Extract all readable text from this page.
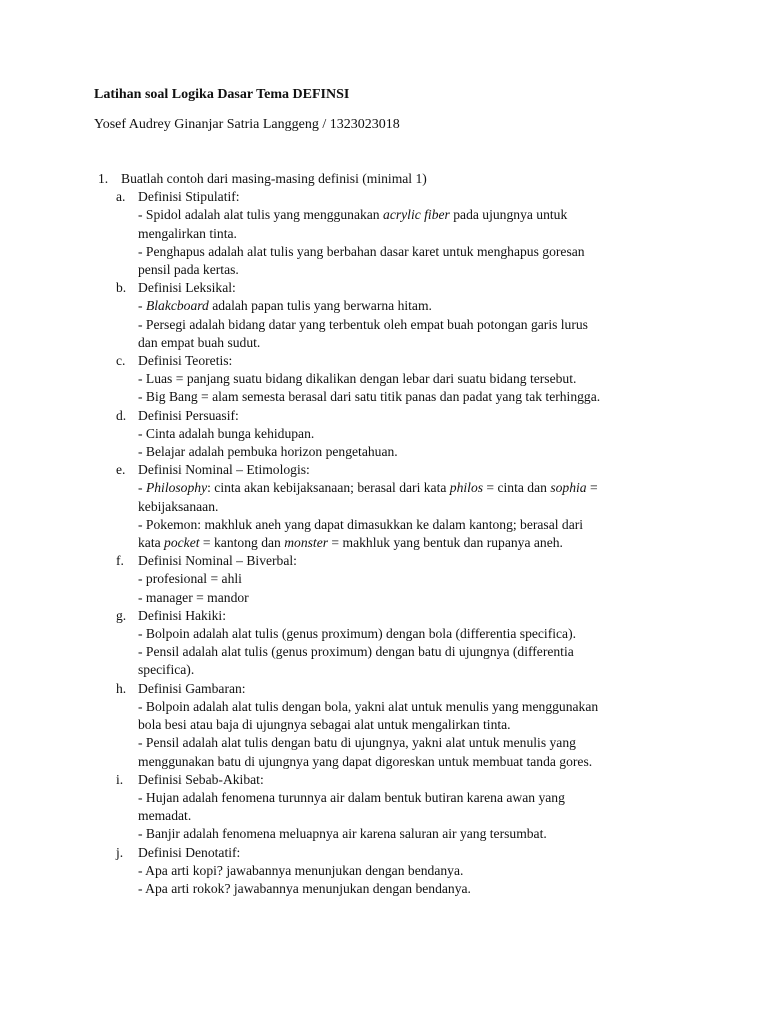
Latihan soal Logika Dasar Tema DEFINSI
Yosef Audrey Ginanjar Satria Langgeng / 1323023018
1. Buatlah contoh dari masing-masing definisi (minimal 1)
a. Definisi Stipulatif:
- Spidol adalah alat tulis yang menggunakan acrylic fiber pada ujungnya untuk
mengalirkan tinta.
- Penghapus adalah alat tulis yang berbahan dasar karet untuk menghapus goresan
pensil pada kertas.
b. Definisi Leksikal:
- Blakcboard adalah papan tulis yang berwarna hitam.
- Persegi adalah bidang datar yang terbentuk oleh empat buah potongan garis lurus
dan empat buah sudut.
c. Definisi Teoretis:
- Luas = panjang suatu bidang dikalikan dengan lebar dari suatu bidang tersebut.
- Big Bang = alam semesta berasal dari satu titik panas dan padat yang tak terhingga.
d. Definisi Persuasif:
- Cinta adalah bunga kehidupan.
- Belajar adalah pembuka horizon pengetahuan.
e. Definisi Nominal – Etimologis:
- Philosophy: cinta akan kebijaksanaan; berasal dari kata philos = cinta dan sophia =
kebijaksanaan.
- Pokemon: makhluk aneh yang dapat dimasukkan ke dalam kantong; berasal dari
kata pocket = kantong dan monster = makhluk yang bentuk dan rupanya aneh.
f. Definisi Nominal – Biverbal:
- profesional = ahli
- manager = mandor
g. Definisi Hakiki:
- Bolpoin adalah alat tulis (genus proximum) dengan bola (differentia specifica).
- Pensil adalah alat tulis (genus proximum) dengan batu di ujungnya (differentia
specifica).
h. Definisi Gambaran:
- Bolpoin adalah alat tulis dengan bola, yakni alat untuk menulis yang menggunakan
bola besi atau baja di ujungnya sebagai alat untuk mengalirkan tinta.
- Pensil adalah alat tulis dengan batu di ujungnya, yakni alat untuk menulis yang
menggunakan batu di ujungnya yang dapat digoreskan untuk membuat tanda gores.
i. Definisi Sebab-Akibat:
- Hujan adalah fenomena turunnya air dalam bentuk butiran karena awan yang
memadat.
- Banjir adalah fenomena meluapnya air karena saluran air yang tersumbat.
j. Definisi Denotatif:
- Apa arti kopi? jawabannya menunjukan dengan bendanya.
- Apa arti rokok? jawabannya menunjukan dengan bendanya.
